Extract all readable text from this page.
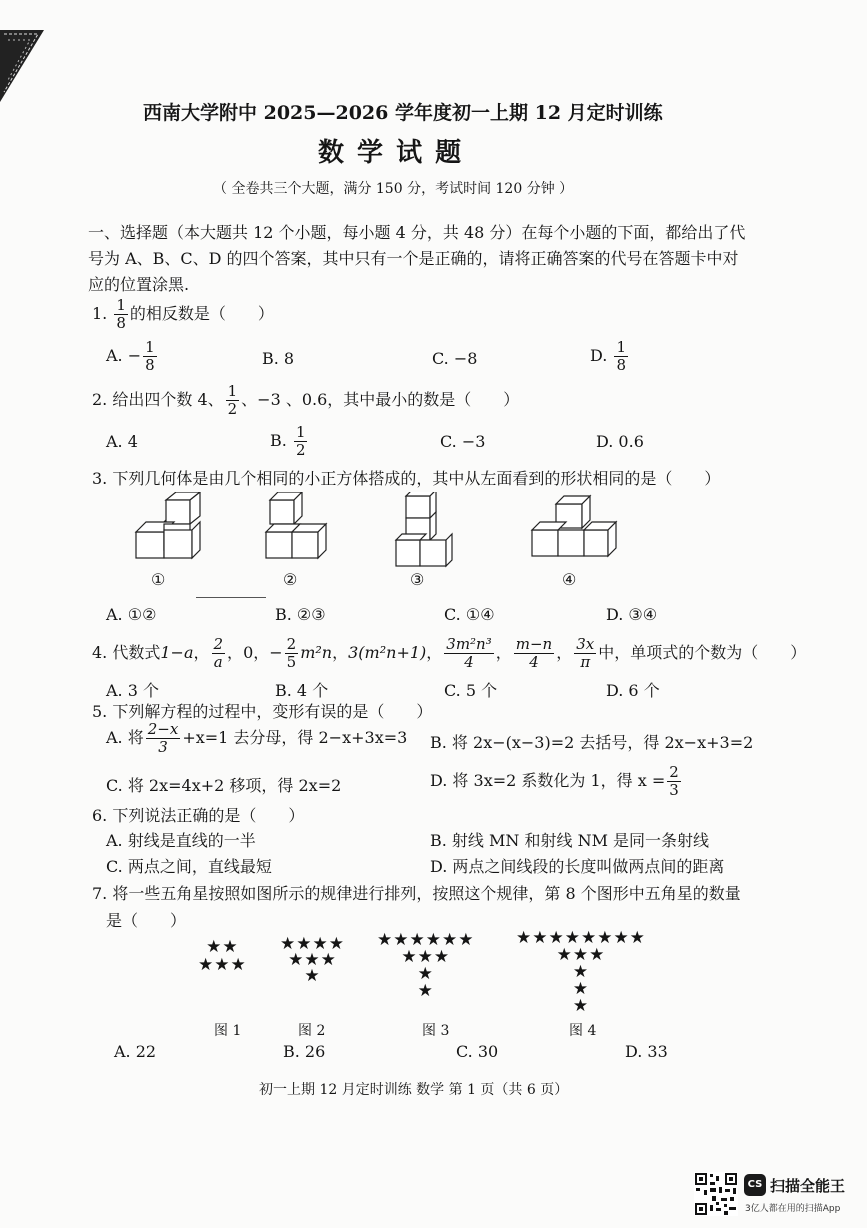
西南大学附中 2025—2026 学年度初一上期 12 月定时训练
数 学 试 题
（ 全卷共三个大题，满分 150 分，考试时间 120 分钟 ）
一、选择题（本大题共 12 个小题，每小题 4 分，共 48 分）在每个小题的下面，都给出了代
号为 A、B、C、D 的四个答案，其中只有一个是正确的，请将正确答案的代号在答题卡中对
应的位置涂黑.
1. $\frac{1}{8}$ 的相反数是（　　）
A. − $\frac{1}{8}$	B. 8	C. −8	D. $\frac{1}{8}$
2. 给出四个数 4、 $\frac{1}{2}$ 、−3 、0.6，其中最小的数是（　　）
A. 4	B. $\frac{1}{2}$	C. −3	D. 0.6
3. 下列几何体是由几个相同的小正方体搭成的，其中从左面看到的形状相同的是（　　）
①	②	③	④
A. ①②	B. ②③	C. ①④	D. ③④
4. 代数式1−a， $\frac{2}{a}$ ，0，− $\frac{2}{5} m^2n$，3(m²n+1)， $\frac{\text{3m²n³}}{4}$ ， $\frac{m-n}{4}$ ， $\frac{3x}{\pi}$ 中，单项式的个数为（　　）
A. 3 个	B. 4 个	C. 5 个	D. 6 个
5. 下列解方程的过程中，变形有误的是（　　）
A. 将 $\frac{2-x}{3} +x=1$ 去分母，得 2−x+3x=3 B. 将 2x−(x−3)=2 去括号，得 2x−x+3=2
C. 将 2x=4x+2 移项，得 2x=2	D. 将 3x=2 系数化为 1，得 $x = \frac{2}{3}$
6. 下列说法正确的是（　　）
A. 射线是直线的一半	B. 射线 MN 和射线 NM 是同一条射线
C. 两点之间，直线最短	D. 两点之间线段的长度叫做两点间的距离
7. 将一些五角星按照如图所示的规律进行排列，按照这个规律，第 8 个图形中五角星的数量
是（　　）
★★
★★★
★★★★
★★★
★
★★★★★★
★★★
★
★
★★★★★★★★
★★★
★
★
★
图 1	图 2	图 3	图 4
A. 22	B. 26	C. 30	D. 33
初一上期 12 月定时训练 数学 第 1 页（共 6 页）
CS 扫描全能王
3亿人都在用的扫描App
